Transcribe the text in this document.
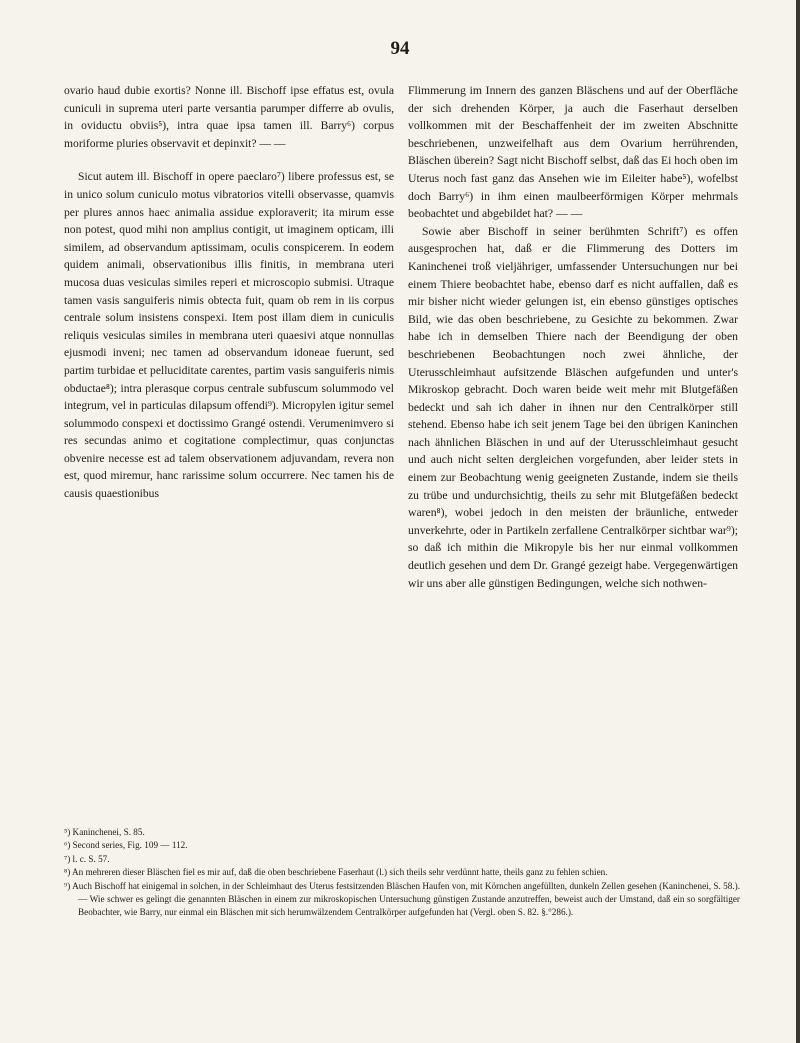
94

ovario haud dubie exortis? Nonne ill. Bischoff ipse effatus est, ovula cuniculi in suprema uteri parte versantia parumper differre ab ovulis, in oviductu obviis⁵), intra quae ipsa tamen ill. Barry⁶) corpus moriforme pluries observavit et depinxit? — —

Sicut autem ill. Bischoff in opere paeclaro⁷) libere professus est, se in unico solum cuniculo motus vibratorios vitelli observasse, quamvis per plures annos haec animalia assidue exploraverit; ita mirum esse non potest, quod mihi non amplius contigit, ut imaginem opticam, illi similem, ad observandum aptissimam, oculis conspicerem. In eodem quidem animali, observationibus illis finitis, in membrana uteri mucosa duas vesiculas similes reperi et microscopio submisi. Utraque tamen vasis sanguiferis nimis obtecta fuit, quam ob rem in iis corpus centrale solum insistens conspexi. Item post illam diem in cuniculis reliquis vesiculas similes in membrana uteri quaesivi atque nonnullas ejusmodi inveni; nec tamen ad observandum idoneae fuerunt, sed partim turbidae et pelluciditate carentes, partim vasis sanguiferis nimis obductae⁸); intra plerasque corpus centrale subfuscum solummodo vel integrum, vel in particulas dilapsum offendi⁹). Micropylen igitur semel solummodo conspexi et doctissimo Grangé ostendi. Verumenimvero si res secundas animo et cogitatione complectimur, quas conjunctas obvenire necesse est ad talem observationem adjuvandam, revera non est, quod miremur, hanc rarissime solum occurrere. Nec tamen his de causis quaestionibus

Flimmerung im Innern des ganzen Bläschens und auf der Oberfläche der sich drehenden Körper, ja auch die Faserhaut derselben vollkommen mit der Beschaffenheit der im zweiten Abschnitte beschriebenen, unzweifelhaft aus dem Ovarium herrührenden, Bläschen überein? Sagt nicht Bischoff selbst, daß das Ei hoch oben im Uterus noch fast ganz das Ansehen wie im Eileiter habe⁵), wofelbst doch Barry⁶) in ihm einen maulbeerförmigen Körper mehrmals beobachtet und abgebildet hat? — —

Sowie aber Bischoff in seiner berühmten Schrift⁷) es offen ausgesprochen hat, daß er die Flimmerung des Dotters im Kaninchenei troß vieljähriger, umfassender Untersuchungen nur bei einem Thiere beobachtet habe, ebenso darf es nicht auffallen, daß es mir bisher nicht wieder gelungen ist, ein ebenso günstiges optisches Bild, wie das oben beschriebene, zu Gesichte zu bekommen. Zwar habe ich in demselben Thiere nach der Beendigung der oben beschriebenen Beobachtungen noch zwei ähnliche, der Uterusschleimhaut aufsitzende Bläschen aufgefunden und unter's Mikroskop gebracht. Doch waren beide weit mehr mit Blutgefäßen bedeckt und sah ich daher in ihnen nur den Centralkörper still stehend. Ebenso habe ich seit jenem Tage bei den übrigen Kaninchen nach ähnlichen Bläschen in und auf der Uterusschleimhaut gesucht und auch nicht selten dergleichen vorgefunden, aber leider stets in einem zur Beobachtung wenig geeigneten Zustande, indem sie theils zu trübe und undurchsichtig, theils zu sehr mit Blutgefäßen bedeckt waren⁸), wobei jedoch in den meisten der bräunliche, entweder unverkehrte, oder in Partikeln zerfallene Centralkörper sichtbar war⁹); so daß ich mithin die Mikropyle bis her nur einmal vollkommen deutlich gesehen und dem Dr. Grangé gezeigt habe. Vergegenwärtigen wir uns aber alle günstigen Bedingungen, welche sich nothwen-

⁵) Kaninchenei, S. 85.

⁶) Second series, Fig. 109 — 112.

⁷) l. c. S. 57.

⁸) An mehreren dieser Bläschen fiel es mir auf, daß die oben beschriebene Faserhaut (l.) sich theils sehr verdünnt hatte, theils ganz zu fehlen schien.

⁹) Auch Bischoff hat einigemal in solchen, in der Schleimhaut des Uterus festsitzenden Bläschen Haufen von, mit Körnchen angefüllten, dunkeln Zellen gesehen (Kaninchenei, S. 58.). — Wie schwer es gelingt die genannten Bläschen in einem zur mikroskopischen Untersuchung günstigen Zustande anzutreffen, beweist auch der Umstand, daß ein so sorgfältiger Beobachter, wie Barry, nur einmal ein Bläschen mit sich herumwälzendem Centralkörper aufgefunden hat (Vergl. oben S. 82. §.°286.).
